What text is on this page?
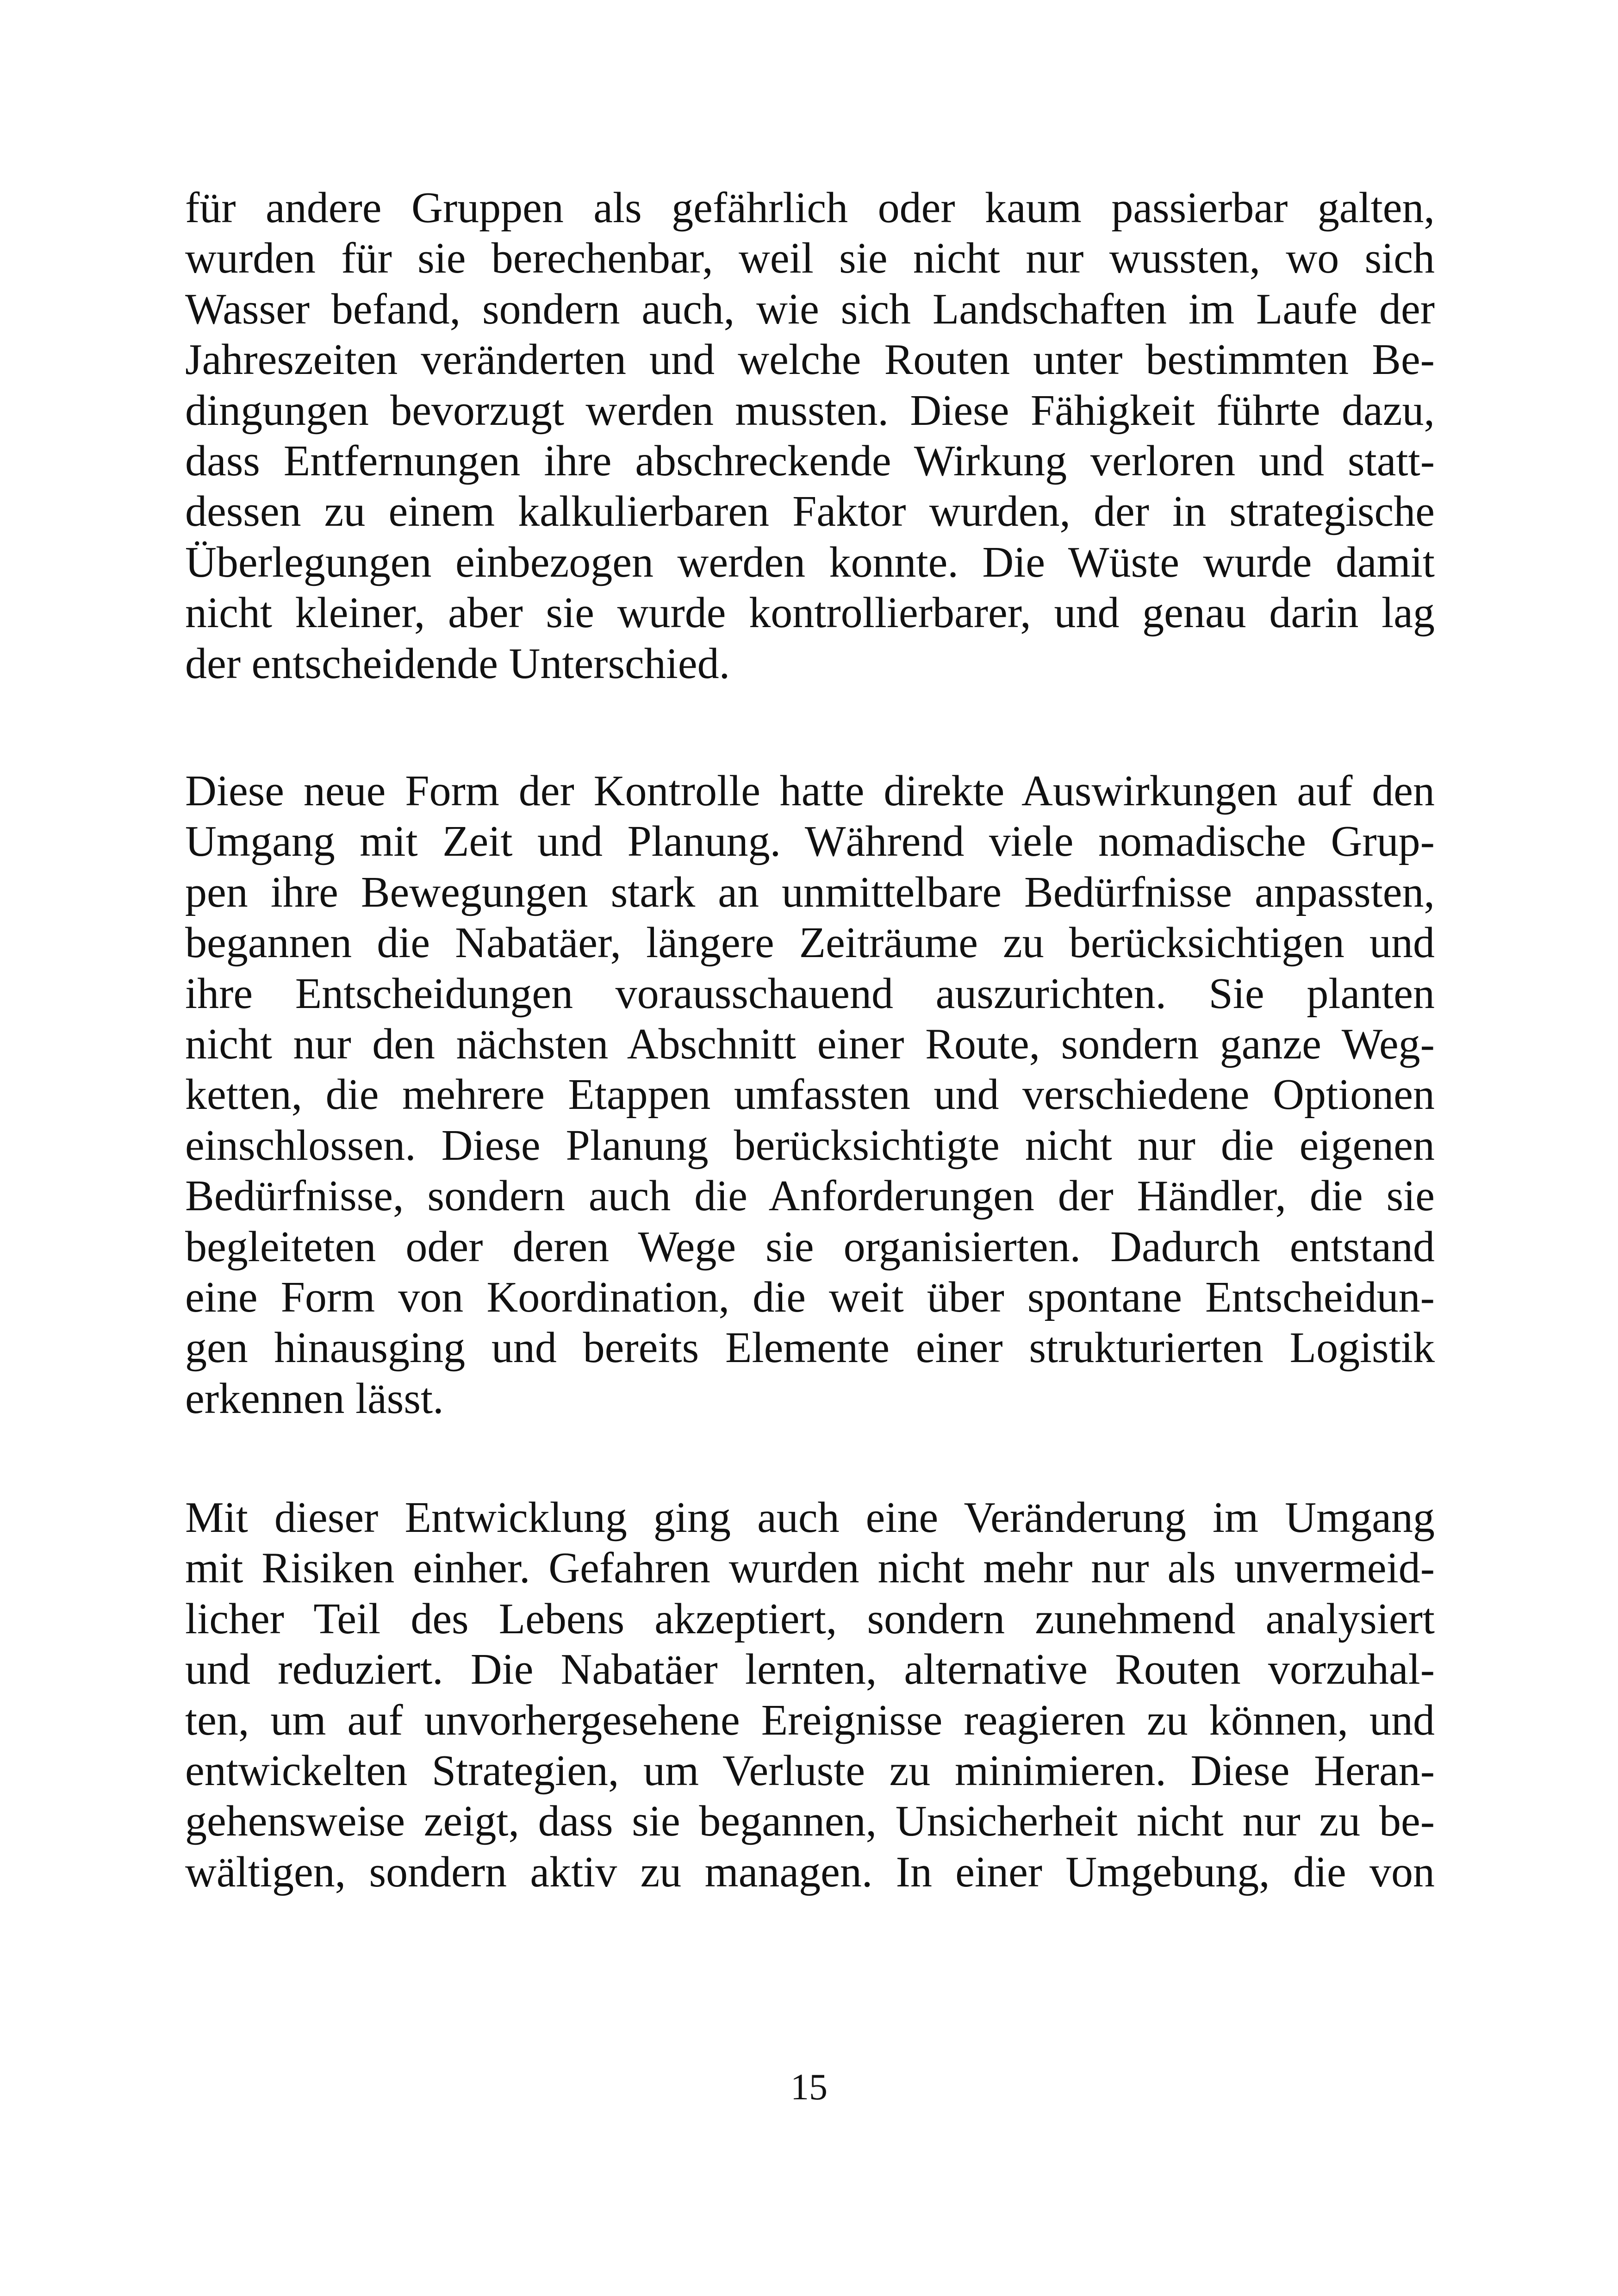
für andere Gruppen als gefährlich oder kaum passierbar galten,
wurden für sie berechenbar, weil sie nicht nur wussten, wo sich
Wasser befand, sondern auch, wie sich Landschaften im Laufe der
Jahreszeiten veränderten und welche Routen unter bestimmten Be-
dingungen bevorzugt werden mussten. Diese Fähigkeit führte dazu,
dass Entfernungen ihre abschreckende Wirkung verloren und statt-
dessen zu einem kalkulierbaren Faktor wurden, der in strategische
Überlegungen einbezogen werden konnte. Die Wüste wurde damit
nicht kleiner, aber sie wurde kontrollierbarer, und genau darin lag
der entscheidende Unterschied.
Diese neue Form der Kontrolle hatte direkte Auswirkungen auf den
Umgang mit Zeit und Planung. Während viele nomadische Grup-
pen ihre Bewegungen stark an unmittelbare Bedürfnisse anpassten,
begannen die Nabatäer, längere Zeiträume zu berücksichtigen und
ihre Entscheidungen vorausschauend auszurichten. Sie planten
nicht nur den nächsten Abschnitt einer Route, sondern ganze Weg-
ketten, die mehrere Etappen umfassten und verschiedene Optionen
einschlossen. Diese Planung berücksichtigte nicht nur die eigenen
Bedürfnisse, sondern auch die Anforderungen der Händler, die sie
begleiteten oder deren Wege sie organisierten. Dadurch entstand
eine Form von Koordination, die weit über spontane Entscheidun-
gen hinausging und bereits Elemente einer strukturierten Logistik
erkennen lässt.
Mit dieser Entwicklung ging auch eine Veränderung im Umgang
mit Risiken einher. Gefahren wurden nicht mehr nur als unvermeid-
licher Teil des Lebens akzeptiert, sondern zunehmend analysiert
und reduziert. Die Nabatäer lernten, alternative Routen vorzuhal-
ten, um auf unvorhergesehene Ereignisse reagieren zu können, und
entwickelten Strategien, um Verluste zu minimieren. Diese Heran-
gehensweise zeigt, dass sie begannen, Unsicherheit nicht nur zu be-
wältigen, sondern aktiv zu managen. In einer Umgebung, die von
15
